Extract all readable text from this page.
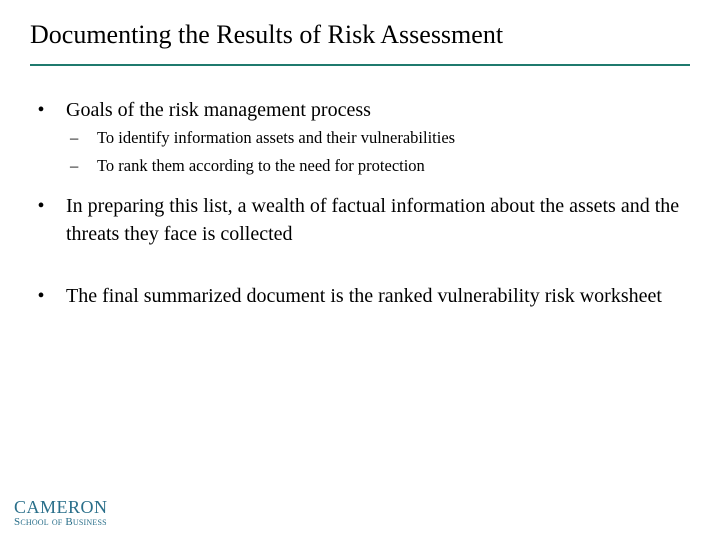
Documenting the Results of Risk Assessment
•	Goals of the risk management process
– To identify information assets and their vulnerabilities
– To rank them according to the need for protection
•	In preparing this list, a wealth of factual information about the assets and the threats they face is collected
•	The final summarized document is the ranked vulnerability risk worksheet
CAMERON
School of Business
